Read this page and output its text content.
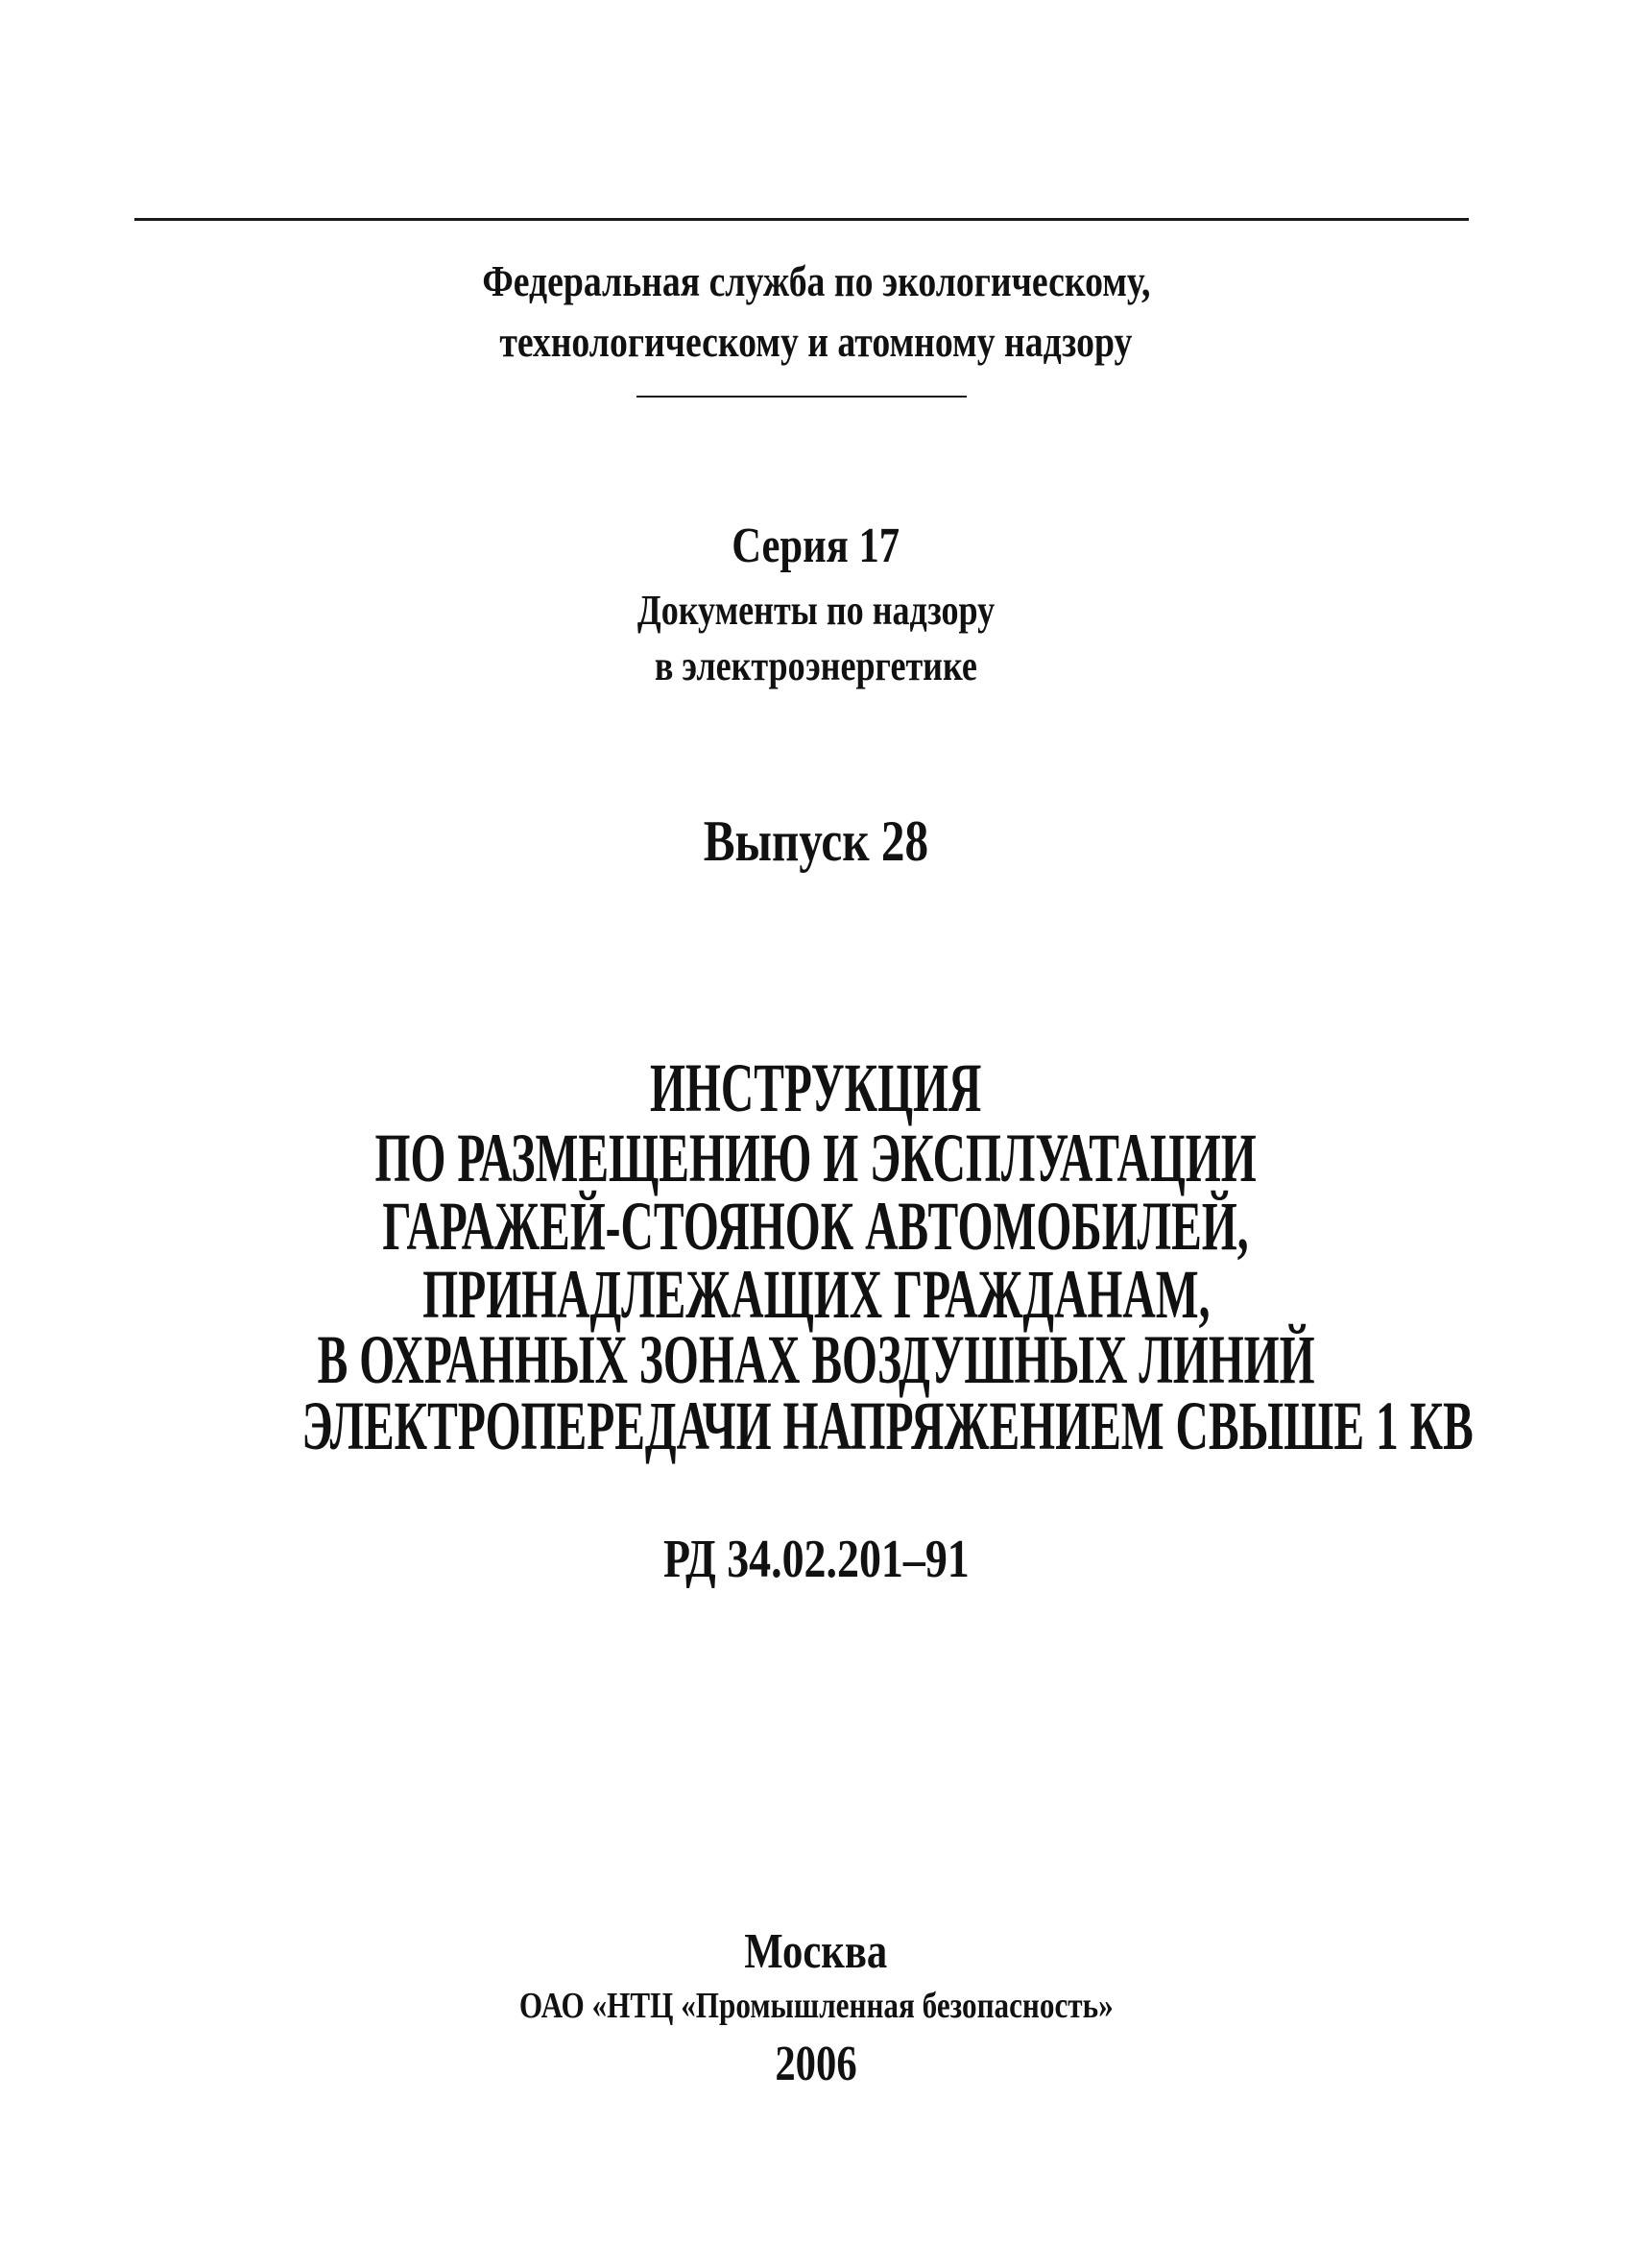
Федеральная служба по экологическому,
технологическому и атомному надзору
Серия 17
Документы по надзору
в электроэнергетике
Выпуск 28
ИНСТРУКЦИЯ
ПО РАЗМЕЩЕНИЮ И ЭКСПЛУАТАЦИИ
ГАРАЖЕЙ-СТОЯНОК АВТОМОБИЛЕЙ,
ПРИНАДЛЕЖАЩИХ ГРАЖДАНАМ,
В ОХРАННЫХ ЗОНАХ ВОЗДУШНЫХ ЛИНИЙ
ЭЛЕКТРОПЕРЕДАЧИ НАПРЯЖЕНИЕМ СВЫШЕ 1 КВ
РД 34.02.201–91
Москва
ОАО «НТЦ «Промышленная безопасность»
2006
